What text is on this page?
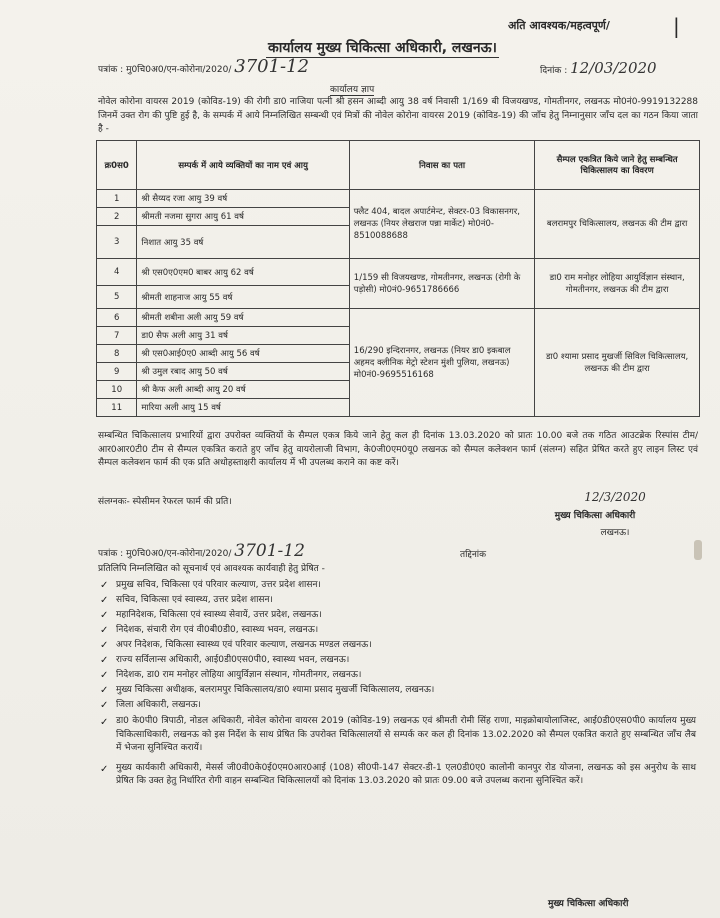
अति आवश्यक/महत्वपूर्ण/	|
कार्यालय मुख्य चिकित्सा अधिकारी, लखनऊ।
पत्रांक : मु0चि0अ0/एन-कोरोना/2020/ 3701-12	दिनांक : 12/03/2020
कार्यालय ज्ञाप
नोवेल कोरोना वायरस 2019 (कोविड-19) की रोगी डा0 नाजिया पत्नी श्री हसन आब्दी आयु 38 वर्ष निवासी 1/169 बी विजयखण्ड, गोमतीनगर, लखनऊ मो0नं0-9919132288 जिनमें उक्त रोग की पुष्टि हुई है, के सम्पर्क में आये निम्नलिखित सम्बन्धी एवं मित्रों की नोवेल कोरोना वायरस 2019 (कोविड-19) की जाँच हेतु निम्नानुसार जाँच दल का गठन किया जाता है -
क्र0स0	सम्पर्क में आये व्यक्तियों का नाम एवं आयु	निवास का पता	सैम्पल एकत्रित किये जाने हेतु सम्बन्धित चिकित्सालय का विवरण
1	श्री सैय्यद रजा आयु 39 वर्ष	फ्लैट 404, बादल अपार्टमेन्ट, सेक्टर-03 विकासनगर, लखनऊ (नियर लेखराज पन्ना मार्केट) मो0नं0-8510088688	बलरामपुर चिकित्सालय, लखनऊ की टीम द्वारा
2	श्रीमती नजमा सुगरा आयु 61 वर्ष		
3	निशात आयु 35 वर्ष		
4	श्री एस0ए0एम0 बाबर आयु 62 वर्ष	1/159 सी विजयखण्ड, गोमतीनगर, लखनऊ (रोगी के पड़ोसी) मो0नं0-9651786666	डा0 राम मनोहर लोहिया आयुर्विज्ञान संस्थान, गोमतीनगर, लखनऊ की टीम द्वारा
5	श्रीमती शाहनाज आयु 55 वर्ष		
6	श्रीमती शबीना अली आयु 59 वर्ष	16/290 इन्दिरानगर, लखनऊ (नियर डा0 इकबाल अहमद क्लीनिक मेट्रो स्टेशन मुंशी पुलिया, लखनऊ) मो0नं0-9695516168	डा0 श्यामा प्रसाद मुखर्जी सिविल चिकित्सालय, लखनऊ की टीम द्वारा
7	डा0 सैफ अली आयु 31 वर्ष		
8	श्री एस0आई0ए0 आब्दी आयु 56 वर्ष		
9	श्री उमुल रबाद आयु 50 वर्ष		
10	श्री कैफ अली आब्दी आयु 20 वर्ष		
11	मारिया अली आयु 15 वर्ष		
सम्बन्धित चिकित्सालय प्रभारियों द्वारा उपरोक्त व्यक्तियों के सैम्पल एकत्र किये जाने हेतु कल ही दिनांक 13.03.2020 को प्रातः 10.00 बजे तक गठित आउटब्रेक रिस्पांस टीम/आर0आर0टी0 टीम से सैम्पल एकत्रित कराते हुए जाँच हेतु वायरोलाजी विभाग, के0जी0एम0यू0 लखनऊ को सैम्पल कलेक्शन फार्म (संलग्न) सहित प्रेषित करते हुए लाइन लिस्ट एवं सैम्पल कलेक्शन फार्म की एक प्रति अधोहस्ताक्षरी कार्यालय में भी उपलब्ध कराने का कष्ट करें।
संलग्नकः- स्पेसीमन रेफरल फार्म की प्रति।	12/3/2020
मुख्य चिकित्सा अधिकारी
लखनऊ।
पत्रांक : मु0चि0अ0/एन-कोरोना/2020/ 3701-12	तद्दिनांक
प्रतिलिपि निम्नलिखित को सूचनार्थ एवं आवश्यक कार्यवाही हेतु प्रेषित -
✓ प्रमुख सचिव, चिकित्सा एवं परिवार कल्याण, उत्तर प्रदेश शासन।
✓ सचिव, चिकित्सा एवं स्वास्थ्य, उत्तर प्रदेश शासन।
✓ महानिदेशक, चिकित्सा एवं स्वास्थ्य सेवायें, उत्तर प्रदेश, लखनऊ।
✓ निदेशक, संचारी रोग एवं वी0बी0डी0, स्वास्थ्य भवन, लखनऊ।
✓ अपर निदेशक, चिकित्सा स्वास्थ्य एवं परिवार कल्याण, लखनऊ मण्डल लखनऊ।
✓ राज्य सर्विलान्स अधिकारी, आई0डी0एस0पी0, स्वास्थ्य भवन, लखनऊ।
✓ निदेशक, डा0 राम मनोहर लोहिया आयुर्विज्ञान संस्थान, गोमतीनगर, लखनऊ।
✓ मुख्य चिकित्सा अधीक्षक, बलरामपुर चिकित्सालय/डा0 श्यामा प्रसाद मुखर्जी चिकित्सालय, लखनऊ।
✓ जिला अधिकारी, लखनऊ।
✓ डा0 के0पी0 त्रिपाठी, नोडल अधिकारी, नोवेल कोरोना वायरस 2019 (कोविड-19) लखनऊ एवं श्रीमती रोमी सिंह राणा, माइक्रोबायोलाजिस्ट, आई0डी0एस0पी0 कार्यालय मुख्य चिकित्साधिकारी, लखनऊ को इस निर्देश के साथ प्रेषित कि उपरोक्त चिकित्सालयों से सम्पर्क कर कल ही दिनांक 13.02.2020 को सैम्पल एकत्रित कराते हुए सम्बन्धित जाँच लैब में भेजना सुनिश्चित करायें।
✓ मुख्य कार्यकारी अधिकारी, मेसर्स जी0वी0के0ई0एम0आर0आई (108) सी0पी-147 सेक्टर-डी-1 एल0डी0ए0 कालोनी कानपुर रोड योजना, लखनऊ को इस अनुरोध के साथ प्रेषित कि उक्त हेतु निर्धारित रोगी वाहन सम्बन्धित चिकित्सालयों को दिनांक 13.03.2020 को प्रातः 09.00 बजे उपलब्ध कराना सुनिश्चित करें।
मुख्य चिकित्सा अधिकारी
